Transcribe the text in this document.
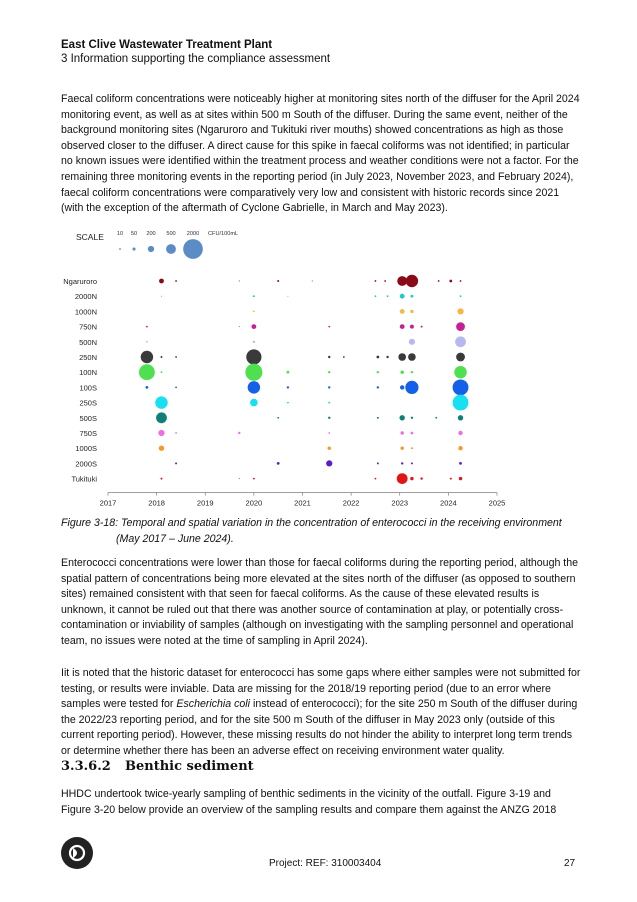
East Clive Wastewater Treatment Plant
3 Information supporting the compliance assessment

Faecal coliform concentrations were noticeably higher at monitoring sites north of the diffuser for the April 2024 monitoring event, as well as at sites within 500 m South of the diffuser. During the same event, neither of the background monitoring sites (Ngaruroro and Tukituki river mouths) showed concentrations as high as those observed closer to the diffuser. A direct cause for this spike in faecal coliforms was not identified; in particular no known issues were identified within the treatment process and weather conditions were not a factor. For the remaining three monitoring events in the reporting period (in July 2023, November 2023, and February 2024), faecal coliform concentrations were comparatively very low and consistent with historic records since 2021 (with the exception of the aftermath of Cyclone Gabrielle, in March and May 2023).

SCALE 10 50 200 500 2000 CFU/100mL
Ngaruroro
2000N
1000N
750N
500N
250N
100N
100S
250S
500S
750S
1000S
2000S
Tukituki
2017	2018	2019	2020	2021	2022	2023	2024	2025

Figure 3-18: Temporal and spatial variation in the concentration of enterococci in the receiving environment
(May 2017 – June 2024).

Enterococci concentrations were lower than those for faecal coliforms during the reporting period, although the spatial pattern of concentrations being more elevated at the sites north of the diffuser (as opposed to southern sites) remained consistent with that seen for faecal coliforms. As the cause of these elevated results is unknown, it cannot be ruled out that there was another source of contamination at play, or potentially cross-contamination or inviability of samples (although on investigating with the sampling personnel and operational team, no issues were noted at the time of sampling in April 2024).

Iit is noted that the historic dataset for enterococci has some gaps where either samples were not submitted for testing, or results were inviable. Data are missing for the 2018/19 reporting period (due to an error where samples were tested for Escherichia coli instead of enterococci); for the site 250 m South of the diffuser during the 2022/23 reporting period, and for the site 500 m South of the diffuser in May 2023 only (outside of this current reporting period). However, these missing results do not hinder the ability to interpret long term trends or determine whether there has been an adverse effect on receiving environment water quality.

3.3.6.2 Benthic sediment

HHDC undertook twice-yearly sampling of benthic sediments in the vicinity of the outfall. Figure 3-19 and Figure 3-20 below provide an overview of the sampling results and compare them against the ANZG 2018

Project: REF: 310003404	27
